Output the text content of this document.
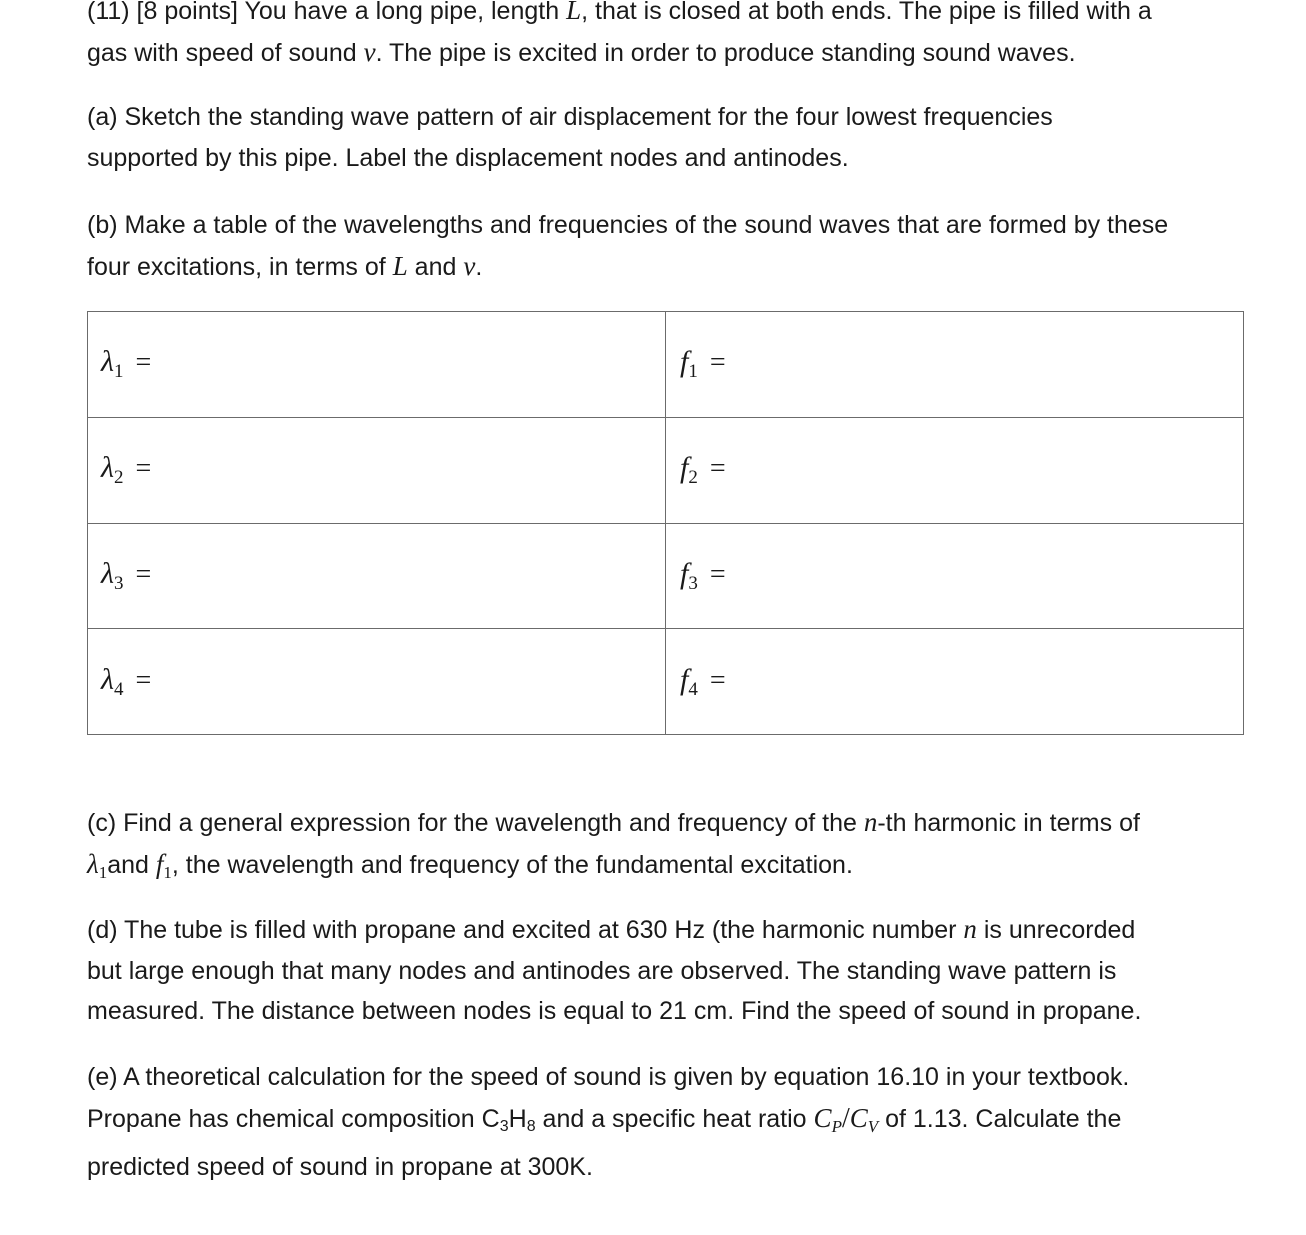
(11) [8 points] You have a long pipe, length L, that is closed at both ends. The pipe is filled with a
gas with speed of sound v. The pipe is excited in order to produce standing sound waves.
(a) Sketch the standing wave pattern of air displacement for the four lowest frequencies
supported by this pipe. Label the displacement nodes and antinodes.
(b) Make a table of the wavelengths and frequencies of the sound waves that are formed by these
four excitations, in terms of L and v.
(c) Find a general expression for the wavelength and frequency of the n-th harmonic in terms of
$\lambda_1and$ $f_1$, the wavelength and frequency of the fundamental excitation.
(d) The tube is filled with propane and excited at 630 Hz (the harmonic number n is unrecorded
but large enough that many nodes and antinodes are observed. The standing wave pattern is
measured. The distance between nodes is equal to 21 cm. Find the speed of sound in propane.
(e) A theoretical calculation for the speed of sound is given by equation 16.10 in your textbook.
Propane has chemical composition C3H8 and a specific heat ratio $C_P/C_V$ of 1.13. Calculate the
predicted speed of sound in propane at 300K.
$\lambda_1$ =	$f_1$ =
$\lambda_2$ =	$f_2$ =
$\lambda_3$ =	$f_3$ =
$\lambda_4$ =	$f_4$ =
